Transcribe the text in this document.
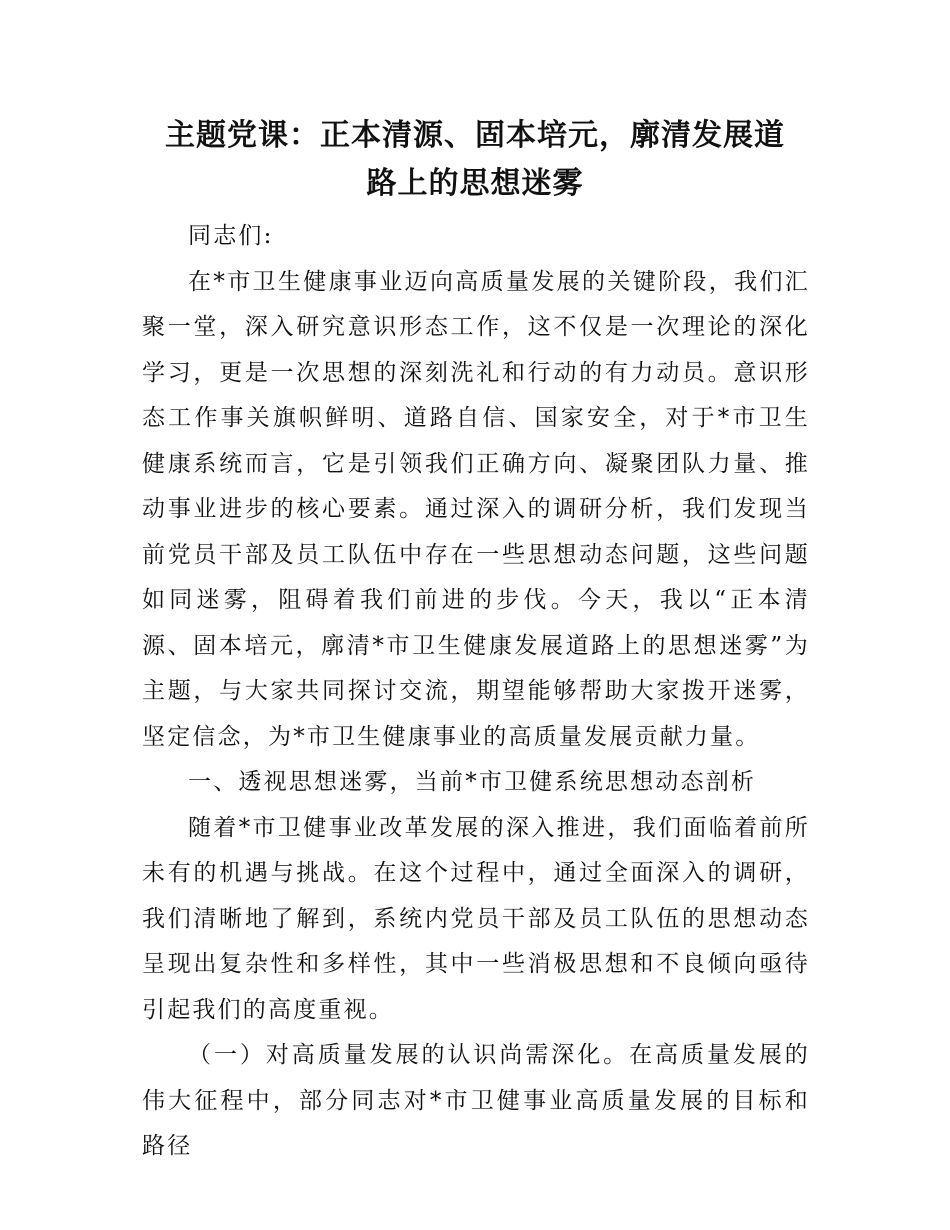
主题党课：正本清源、固本培元，廓清发展道
路上的思想迷雾

同志们:

在*市卫生健康事业迈向高质量发展的关键阶段，我们汇聚一堂，深入研究意识形态工作，这不仅是一次理论的深化学习，更是一次思想的深刻洗礼和行动的有力动员。意识形态工作事关旗帜鲜明、道路自信、国家安全，对于*市卫生健康系统而言，它是引领我们正确方向、凝聚团队力量、推动事业进步的核心要素。通过深入的调研分析，我们发现当前党员干部及员工队伍中存在一些思想动态问题，这些问题如同迷雾，阻碍着我们前进的步伐。今天，我以“正本清源、固本培元，廓清*市卫生健康发展道路上的思想迷雾”为主题，与大家共同探讨交流，期望能够帮助大家拨开迷雾，坚定信念，为*市卫生健康事业的高质量发展贡献力量。

一、透视思想迷雾，当前*市卫健系统思想动态剖析

随着*市卫健事业改革发展的深入推进，我们面临着前所未有的机遇与挑战。在这个过程中，通过全面深入的调研，我们清晰地了解到，系统内党员干部及员工队伍的思想动态呈现出复杂性和多样性，其中一些消极思想和不良倾向亟待引起我们的高度重视。

（一）对高质量发展的认识尚需深化。在高质量发展的伟大征程中，部分同志对*市卫健事业高质量发展的目标和路径
